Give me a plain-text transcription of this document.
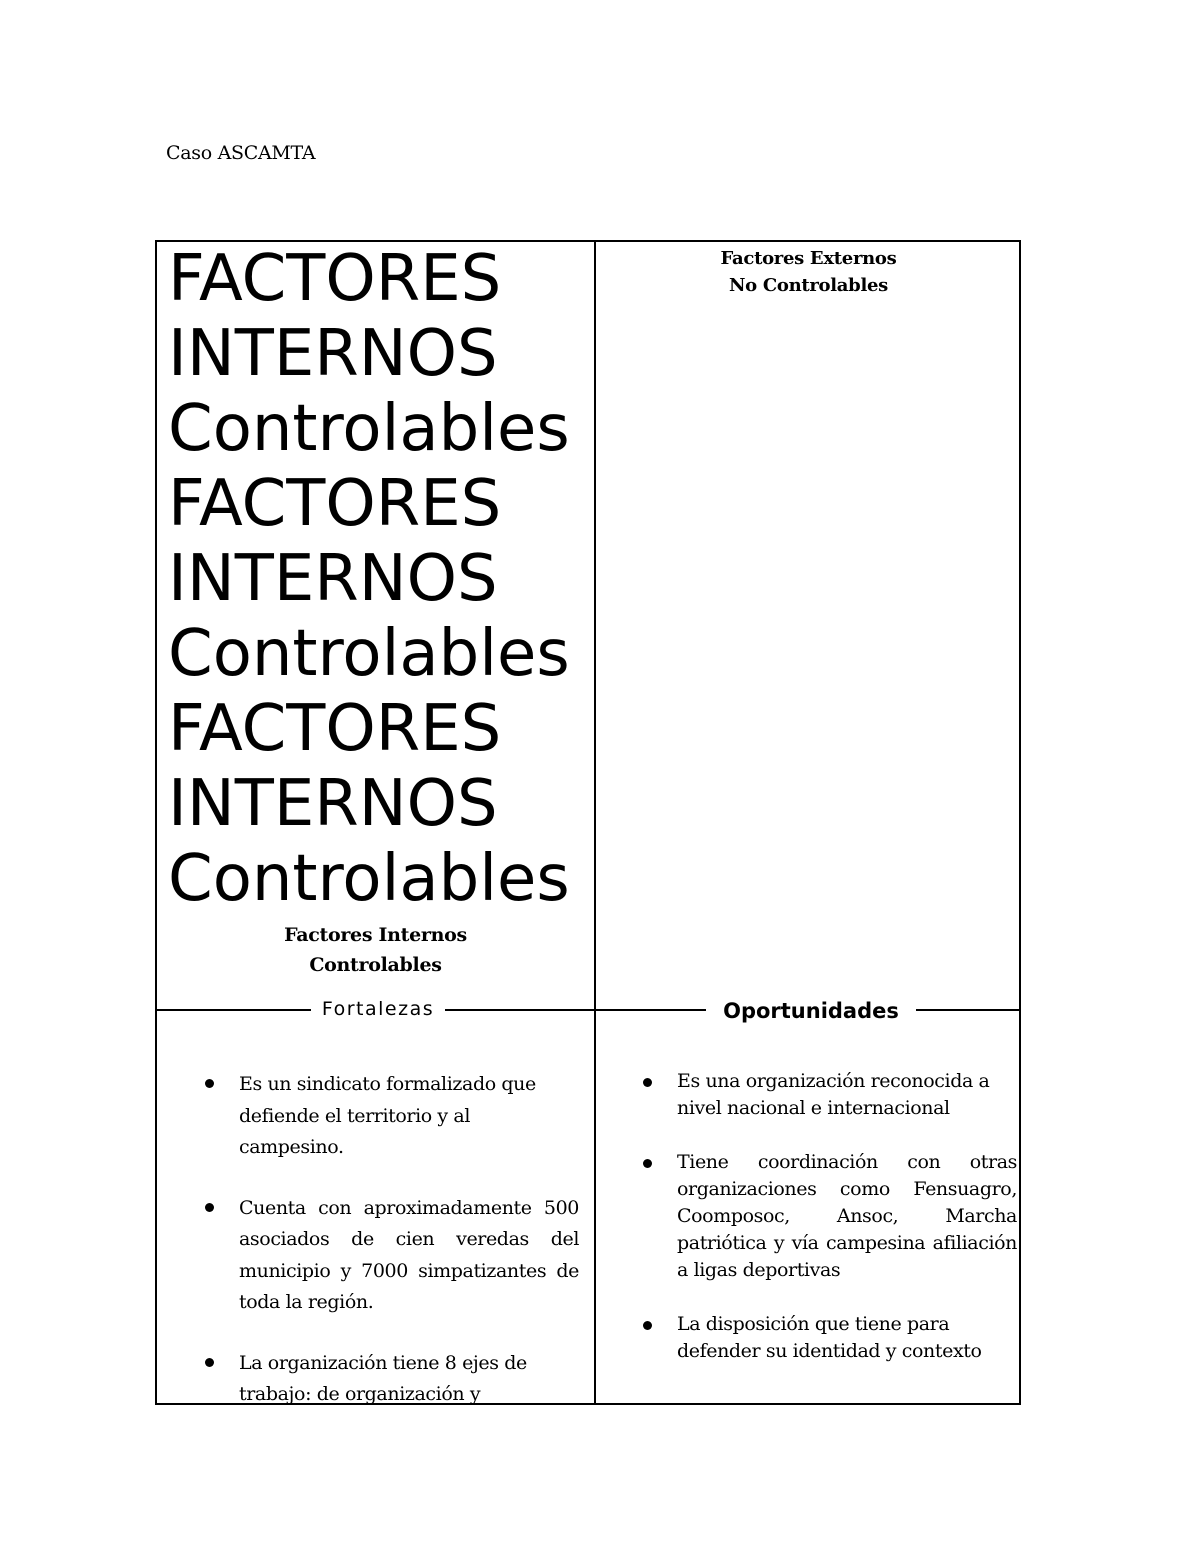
Caso ASCAMTA
FACTORES
INTERNOS
Controlables
FACTORES
INTERNOS
Controlables
FACTORES
INTERNOS
Controlables
Factores Internos
Controlables
Factores Externos
No Controlables
Fortalezas
Es un sindicato formalizado que defiende el territorio y al campesino.
Cuenta con aproximadamente 500 asociados de cien veredas del municipio y 7000 simpatizantes de toda la región.
La organización tiene 8 ejes de trabajo: de organización y
Oportunidades
Es una organización reconocida a nivel nacional e internacional
Tiene coordinación con otras organizaciones como Fensuagro, Coomposoc, Ansoc, Marcha patriótica y vía campesina afiliación a ligas deportivas
La disposición que tiene para defender su identidad y contexto
